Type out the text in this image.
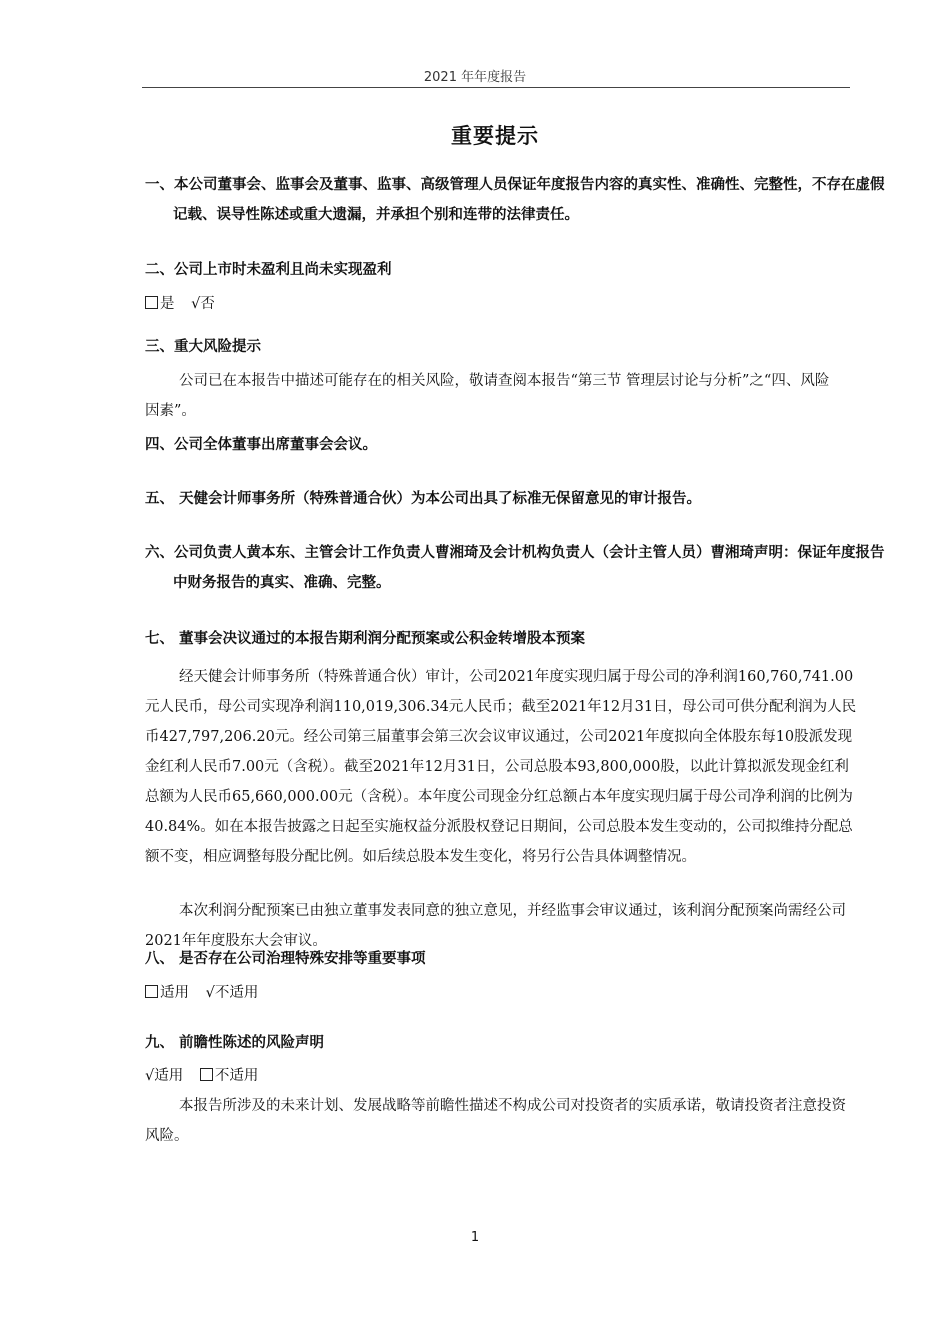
2021 年年度报告
重要提示
一、本公司董事会、监事会及董事、监事、高级管理人员保证年度报告内容的真实性、准确性、完整性，不存在虚假记载、误导性陈述或重大遗漏，并承担个别和连带的法律责任。
二、公司上市时未盈利且尚未实现盈利
是 √否
三、重大风险提示
公司已在本报告中描述可能存在的相关风险，敬请查阅本报告“第三节 管理层讨论与分析”之“四、风险因素”。
四、公司全体董事出席董事会会议。
五、 天健会计师事务所（特殊普通合伙）为本公司出具了标准无保留意见的审计报告。
六、公司负责人黄本东、主管会计工作负责人曹湘琦及会计机构负责人（会计主管人员）曹湘琦声明：保证年度报告中财务报告的真实、准确、完整。
七、 董事会决议通过的本报告期利润分配预案或公积金转增股本预案
经天健会计师事务所（特殊普通合伙）审计，公司2021年度实现归属于母公司的净利润160,760,741.00元人民币，母公司实现净利润110,019,306.34元人民币；截至2021年12月31日，母公司可供分配利润为人民币427,797,206.20元。经公司第三届董事会第三次会议审议通过，公司2021年度拟向全体股东每10股派发现金红利人民币7.00元（含税）。截至2021年12月31日，公司总股本93,800,000股，以此计算拟派发现金红利总额为人民币65,660,000.00元（含税）。本年度公司现金分红总额占本年度实现归属于母公司净利润的比例为40.84%。如在本报告披露之日起至实施权益分派股权登记日期间，公司总股本发生变动的，公司拟维持分配总额不变，相应调整每股分配比例。如后续总股本发生变化，将另行公告具体调整情况。
本次利润分配预案已由独立董事发表同意的独立意见，并经监事会审议通过，该利润分配预案尚需经公司2021年年度股东大会审议。
八、 是否存在公司治理特殊安排等重要事项
适用 √不适用
九、 前瞻性陈述的风险声明
√适用 不适用
本报告所涉及的未来计划、发展战略等前瞻性描述不构成公司对投资者的实质承诺，敬请投资者注意投资风险。
1
